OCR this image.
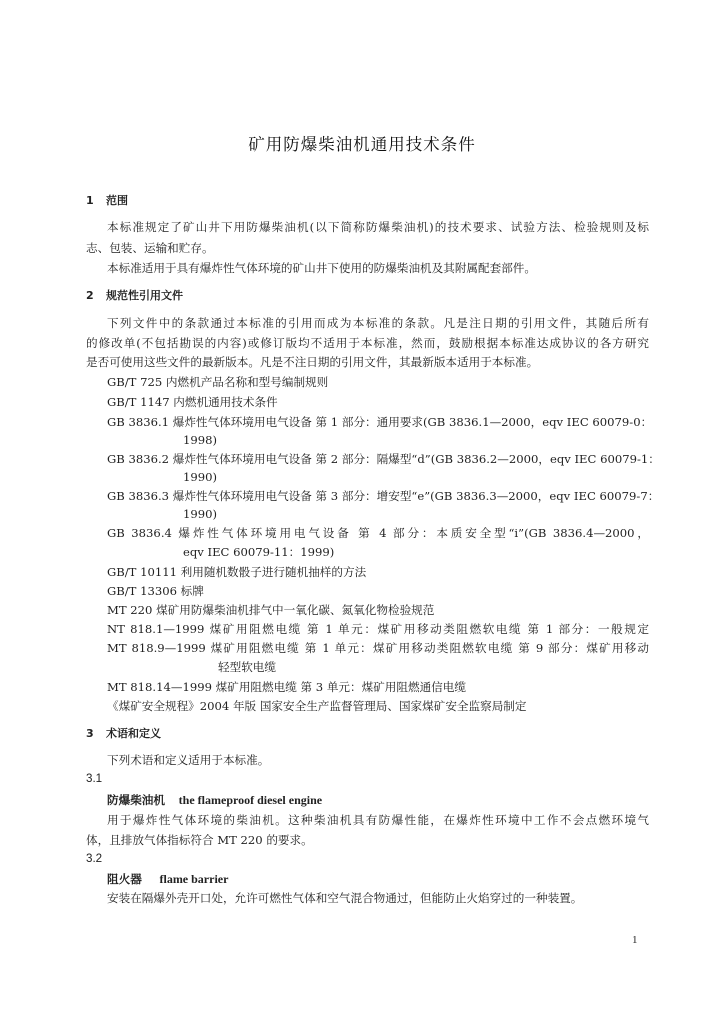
矿用防爆柴油机通用技术条件
1 范围
本标准规定了矿山井下用防爆柴油机(以下简称防爆柴油机)的技术要求、试验方法、检验规则及标
志、包装、运输和贮存。
本标准适用于具有爆炸性气体环境的矿山井下使用的防爆柴油机及其附属配套部件。
2 规范性引用文件
下列文件中的条款通过本标准的引用而成为本标准的条款。凡是注日期的引用文件，其随后所有
的修改单(不包括勘误的内容)或修订版均不适用于本标准，然而，鼓励根据本标准达成协议的各方研究
是否可使用这些文件的最新版本。凡是不注日期的引用文件，其最新版本适用于本标准。
GB/T 725 内燃机产品名称和型号编制规则
GB/T 1147 内燃机通用技术条件
GB 3836.1 爆炸性气体环境用电气设备 第 1 部分：通用要求(GB 3836.1—2000，eqv IEC 60079-0：
1998)
GB 3836.2 爆炸性气体环境用电气设备 第 2 部分：隔爆型“d”(GB 3836.2—2000，eqv IEC 60079-1：
1990)
GB 3836.3 爆炸性气体环境用电气设备 第 3 部分：增安型“e”(GB 3836.3—2000，eqv IEC 60079-7：
1990)
GB 3836.4 爆炸性气体环境用电气设备 第 4 部分：本质安全型“i”(GB 3836.4—2000，
eqv IEC 60079-11：1999)
GB/T 10111 利用随机数骰子进行随机抽样的方法
GB/T 13306 标牌
MT 220 煤矿用防爆柴油机排气中一氧化碳、氮氧化物检验规范
NT 818.1—1999 煤矿用阻燃电缆 第 1 单元：煤矿用移动类阻燃软电缆 第 1 部分：一般规定
MT 818.9—1999 煤矿用阻燃电缆 第 1 单元：煤矿用移动类阻燃软电缆 第 9 部分：煤矿用移动
轻型软电缆
MT 818.14—1999 煤矿用阻燃电缆 第 3 单元：煤矿用阻燃通信电缆
《煤矿安全规程》2004 年版 国家安全生产监督管理局、国家煤矿安全监察局制定
3 术语和定义
下列术语和定义适用于本标准。
3.1
防爆柴油机 the flameproof diesel engine
用于爆炸性气体环境的柴油机。这种柴油机具有防爆性能，在爆炸性环境中工作不会点燃环境气
体，且排放气体指标符合 MT 220 的要求。
3.2
阻火器 flame barrier
安装在隔爆外壳开口处，允许可燃性气体和空气混合物通过，但能防止火焰穿过的一种装置。
1
